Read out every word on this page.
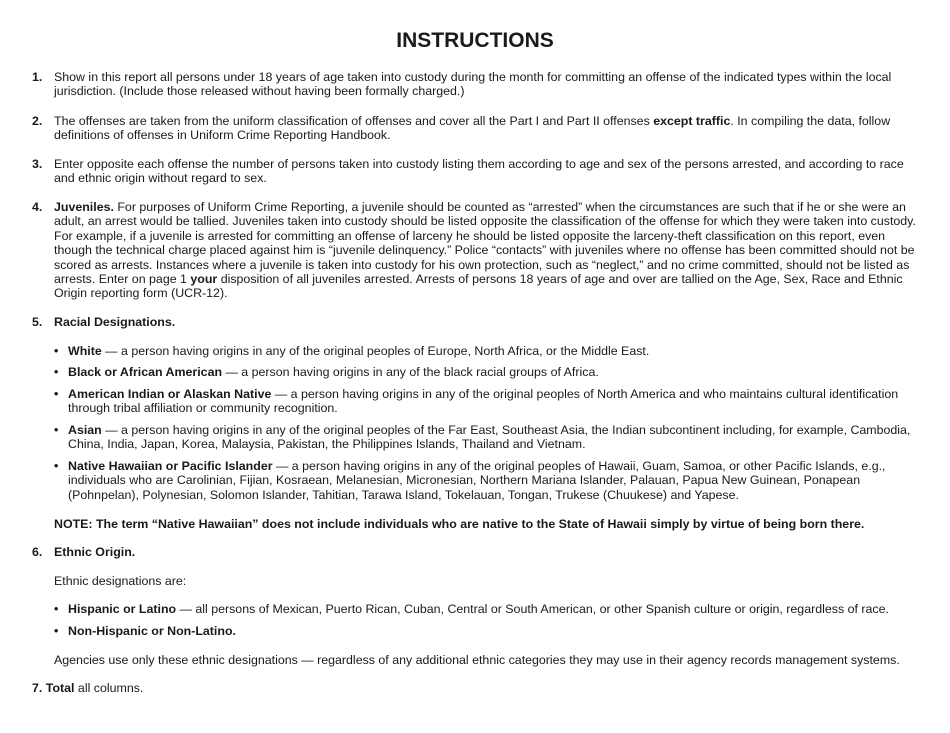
INSTRUCTIONS
1. Show in this report all persons under 18 years of age taken into custody during the month for committing an offense of the indicated types within the local jurisdiction. (Include those released without having been formally charged.)
2. The offenses are taken from the uniform classification of offenses and cover all the Part I and Part II offenses except traffic. In compiling the data, follow definitions of offenses in Uniform Crime Reporting Handbook.
3. Enter opposite each offense the number of persons taken into custody listing them according to age and sex of the persons arrested, and according to race and ethnic origin without regard to sex.
4. Juveniles. For purposes of Uniform Crime Reporting, a juvenile should be counted as “arrested” when the circumstances are such that if he or she were an adult, an arrest would be tallied. Juveniles taken into custody should be listed opposite the classification of the offense for which they were taken into custody. For example, if a juvenile is arrested for committing an offense of larceny he should be listed opposite the larceny-theft classification on this report, even though the technical charge placed against him is “juvenile delinquency.” Police “contacts” with juveniles where no offense has been committed should not be scored as arrests. Instances where a juvenile is taken into custody for his own protection, such as “neglect,” and no crime committed, should not be listed as arrests. Enter on page 1 your disposition of all juveniles arrested. Arrests of persons 18 years of age and over are tallied on the Age, Sex, Race and Ethnic Origin reporting form (UCR-12).
5. Racial Designations.
• White — a person having origins in any of the original peoples of Europe, North Africa, or the Middle East.
• Black or African American — a person having origins in any of the black racial groups of Africa.
• American Indian or Alaskan Native — a person having origins in any of the original peoples of North America and who maintains cultural identification through tribal affiliation or community recognition.
• Asian — a person having origins in any of the original peoples of the Far East, Southeast Asia, the Indian subcontinent including, for example, Cambodia, China, India, Japan, Korea, Malaysia, Pakistan, the Philippines Islands, Thailand and Vietnam.
• Native Hawaiian or Pacific Islander — a person having origins in any of the original peoples of Hawaii, Guam, Samoa, or other Pacific Islands, e.g., individuals who are Carolinian, Fijian, Kosraean, Melanesian, Micronesian, Northern Mariana Islander, Palauan, Papua New Guinean, Ponapean (Pohnpelan), Polynesian, Solomon Islander, Tahitian, Tarawa Island, Tokelauan, Tongan, Trukese (Chuukese) and Yapese.
NOTE: The term “Native Hawaiian” does not include individuals who are native to the State of Hawaii simply by virtue of being born there.
6. Ethnic Origin.
Ethnic designations are:
• Hispanic or Latino — all persons of Mexican, Puerto Rican, Cuban, Central or South American, or other Spanish culture or origin, regardless of race.
• Non-Hispanic or Non-Latino.
Agencies use only these ethnic designations — regardless of any additional ethnic categories they may use in their agency records management systems.
7. Total all columns.
